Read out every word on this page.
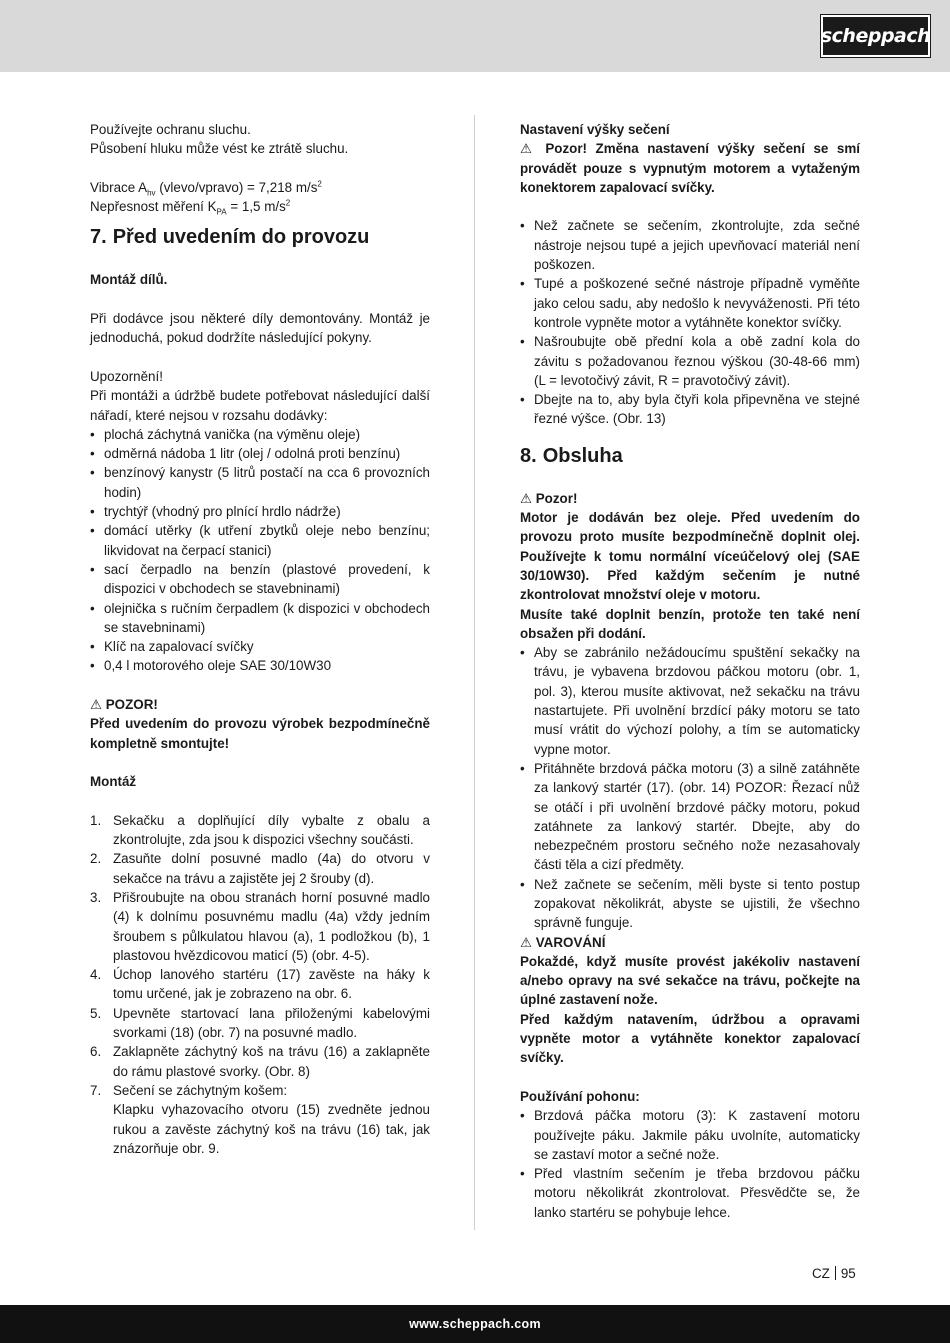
scheppach

Používejte ochranu sluchu.

Působení hluku může vést ke ztrátě sluchu.

Vibrace $A_{hv}$ (vlevo/vpravo) = 7,218 $m/s^2$

Nepřesnost měření $K_{PA} = 1,5$ $m/s^2$

7. Před uvedením do provozu

Montáž dílů.

Při dodávce jsou některé díly demontovány. Montáž je jednoduchá, pokud dodržíte následující pokyny.

Upozornění!

Při montáži a údržbě budete potřebovat následující další nářadí, které nejsou v rozsahu dodávky:

• plochá záchytná vanička (na výměnu oleje)
• odměrná nádoba 1 litr (olej / odolná proti benzínu)
• benzínový kanystr (5 litrů postačí na cca 6 provozních hodin)
• trychtýř (vhodný pro plnící hrdlo nádrže)
• domácí utěrky (k utření zbytků oleje nebo benzínu; likvidovat na čerpací stanici)
• sací čerpadlo na benzín (plastové provedení, k dispozici v obchodech se stavebninami)
• olejnička s ručním čerpadlem (k dispozici v obchodech se stavebninami)
• Klíč na zapalovací svíčky
• 0,4 l motorového oleje SAE 30/10W30

⚠ POZOR!

Před uvedením do provozu výrobek bezpodmínečně kompletně smontujte!

Montáž

1. Sekačku a doplňující díly vybalte z obalu a zkontrolujte, zda jsou k dispozici všechny součásti.
2. Zasuňte dolní posuvné madlo (4a) do otvoru v sekačce na trávu a zajistěte jej 2 šrouby (d).
3. Přišroubujte na obou stranách horní posuvné madlo (4) k dolnímu posuvnému madlu (4a) vždy jedním šroubem s půlkulatou hlavou (a), 1 podložkou (b), 1 plastovou hvězdicovou maticí (5) (obr. 4-5).
4. Úchop lanového startéru (17) zavěste na háky k tomu určené, jak je zobrazeno na obr. 6.
5. Upevněte startovací lana přiloženými kabelovými svorkami (18) (obr. 7) na posuvné madlo.
6. Zaklapněte záchytný koš na trávu (16) a zaklapněte do rámu plastové svorky. (Obr. 8)
7. Sečení se záchytným košem:
Klapku vyhazovacího otvoru (15) zvedněte jednou rukou a zavěste záchytný koš na trávu (16) tak, jak znázorňuje obr. 9.

Nastavení výšky sečení

⚠ Pozor! Změna nastavení výšky sečení se smí provádět pouze s vypnutým motorem a vytaženým konektorem zapalovací svíčky.

• Než začnete se sečením, zkontrolujte, zda sečné nástroje nejsou tupé a jejich upevňovací materiál není poškozen.
• Tupé a poškozené sečné nástroje případně vyměňte jako celou sadu, aby nedošlo k nevyváženosti. Při této kontrole vypněte motor a vytáhněte konektor svíčky.
• Našroubujte obě přední kola a obě zadní kola do závitu s požadovanou řeznou výškou (30-48-66 mm) (L = levotočivý závit, R = pravotočivý závit).
• Dbejte na to, aby byla čtyři kola připevněna ve stejné řezné výšce. (Obr. 13)
8. Obsluha

⚠ Pozor!

Motor je dodáván bez oleje. Před uvedením do provozu proto musíte bezpodmínečně doplnit olej. Používejte k tomu normální víceúčelový olej (SAE 30/10W30). Před každým sečením je nutné zkontrolovat množství oleje v motoru.

Musíte také doplnit benzín, protože ten také není obsažen při dodání.

• Aby se zabránilo nežádoucímu spuštění sekačky na trávu, je vybavena brzdovou páčkou motoru (obr. 1, pol. 3), kterou musíte aktivovat, než sekačku na trávu nastartujete. Při uvolnění brzdící páky motoru se tato musí vrátit do výchozí polohy, a tím se automaticky vypne motor.
• Přitáhněte brzdová páčka motoru (3) a silně zatáhněte za lankový startér (17). (obr. 14) POZOR: Řezací nůž se otáčí i při uvolnění brzdové páčky motoru, pokud zatáhnete za lankový startér. Dbejte, aby do nebezpečném prostoru sečného nože nezasahovaly části těla a cizí předměty.
• Než začnete se sečením, měli byste si tento postup zopakovat několikrát, abyste se ujistili, že všechno správně funguje.

⚠ VAROVÁNÍ

Pokaždé, když musíte provést jakékoliv nastavení a/nebo opravy na své sekačce na trávu, počkejte na úplné zastavení nože.

Před každým natavením, údržbou a opravami vypněte motor a vytáhněte konektor zapalovací svíčky.

Používání pohonu:

• Brzdová páčka motoru (3): K zastavení motoru používejte páku. Jakmile páku uvolníte, automaticky se zastaví motor a sečné nože.
• Před vlastním sečením je třeba brzdovou páčku motoru několikrát zkontrolovat. Přesvědčte se, že lanko startéru se pohybuje lehce.
CZ 95
www.scheppach.com
